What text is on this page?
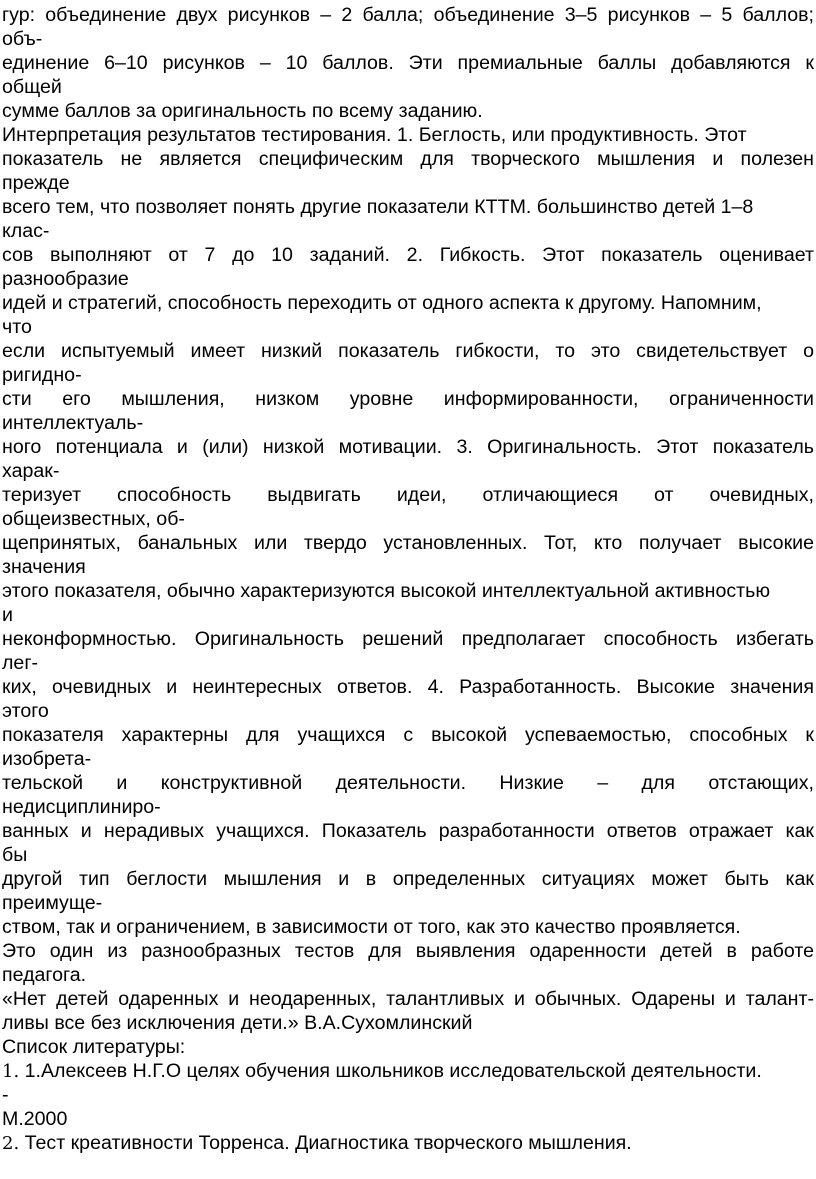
гур: объединение двух рисунков – 2 балла; объединение 3–5 рисунков – 5 баллов;
объ-
единение 6–10 рисунков – 10 баллов. Эти премиальные баллы добавляются к
общей
сумме баллов за оригинальность по всему заданию.
Интерпретация результатов тестирования. 1. Беглость, или продуктивность. Этот
показатель не является специфическим для творческого мышления и полезен
прежде
всего тем, что позволяет понять другие показатели КТТМ. большинство детей 1–8
клас-
сов выполняют от 7 до 10 заданий. 2. Гибкость. Этот показатель оценивает
разнообразие
идей и стратегий, способность переходить от одного аспекта к другому. Напомним,
что
если испытуемый имеет низкий показатель гибкости, то это свидетельствует о
ригидно-
сти его мышления, низком уровне информированности, ограниченности
интеллектуаль-
ного потенциала и (или) низкой мотивации. 3. Оригинальность. Этот показатель
харак-
теризует способность выдвигать идеи, отличающиеся от очевидных,
общеизвестных, об-
щепринятых, банальных или твердо установленных. Тот, кто получает высокие
значения
этого показателя, обычно характеризуются высокой интеллектуальной активностью
и
неконформностью. Оригинальность решений предполагает способность избегать
лег-
ких, очевидных и неинтересных ответов. 4. Разработанность. Высокие значения
этого
показателя характерны для учащихся с высокой успеваемостью, способных к
изобрета-
тельской и конструктивной деятельности. Низкие – для отстающих,
недисциплиниро-
ванных и нерадивых учащихся. Показатель разработанности ответов отражает как
бы
другой тип беглости мышления и в определенных ситуациях может быть как
преимуще-
ством, так и ограничением, в зависимости от того, как это качество проявляется.
Это один из разнообразных тестов для выявления одаренности детей в работе
педагога.
«Нет детей одаренных и неодаренных, талантливых и обычных. Одарены и талант-
ливы все без исключения дети.» В.А.Сухомлинский
Список литературы:
1. 1.Алексеев Н.Г.О целях обучения школьников исследовательской деятельности.
-
М.2000
2. Тест креативности Торренса. Диагностика творческого мышления.
